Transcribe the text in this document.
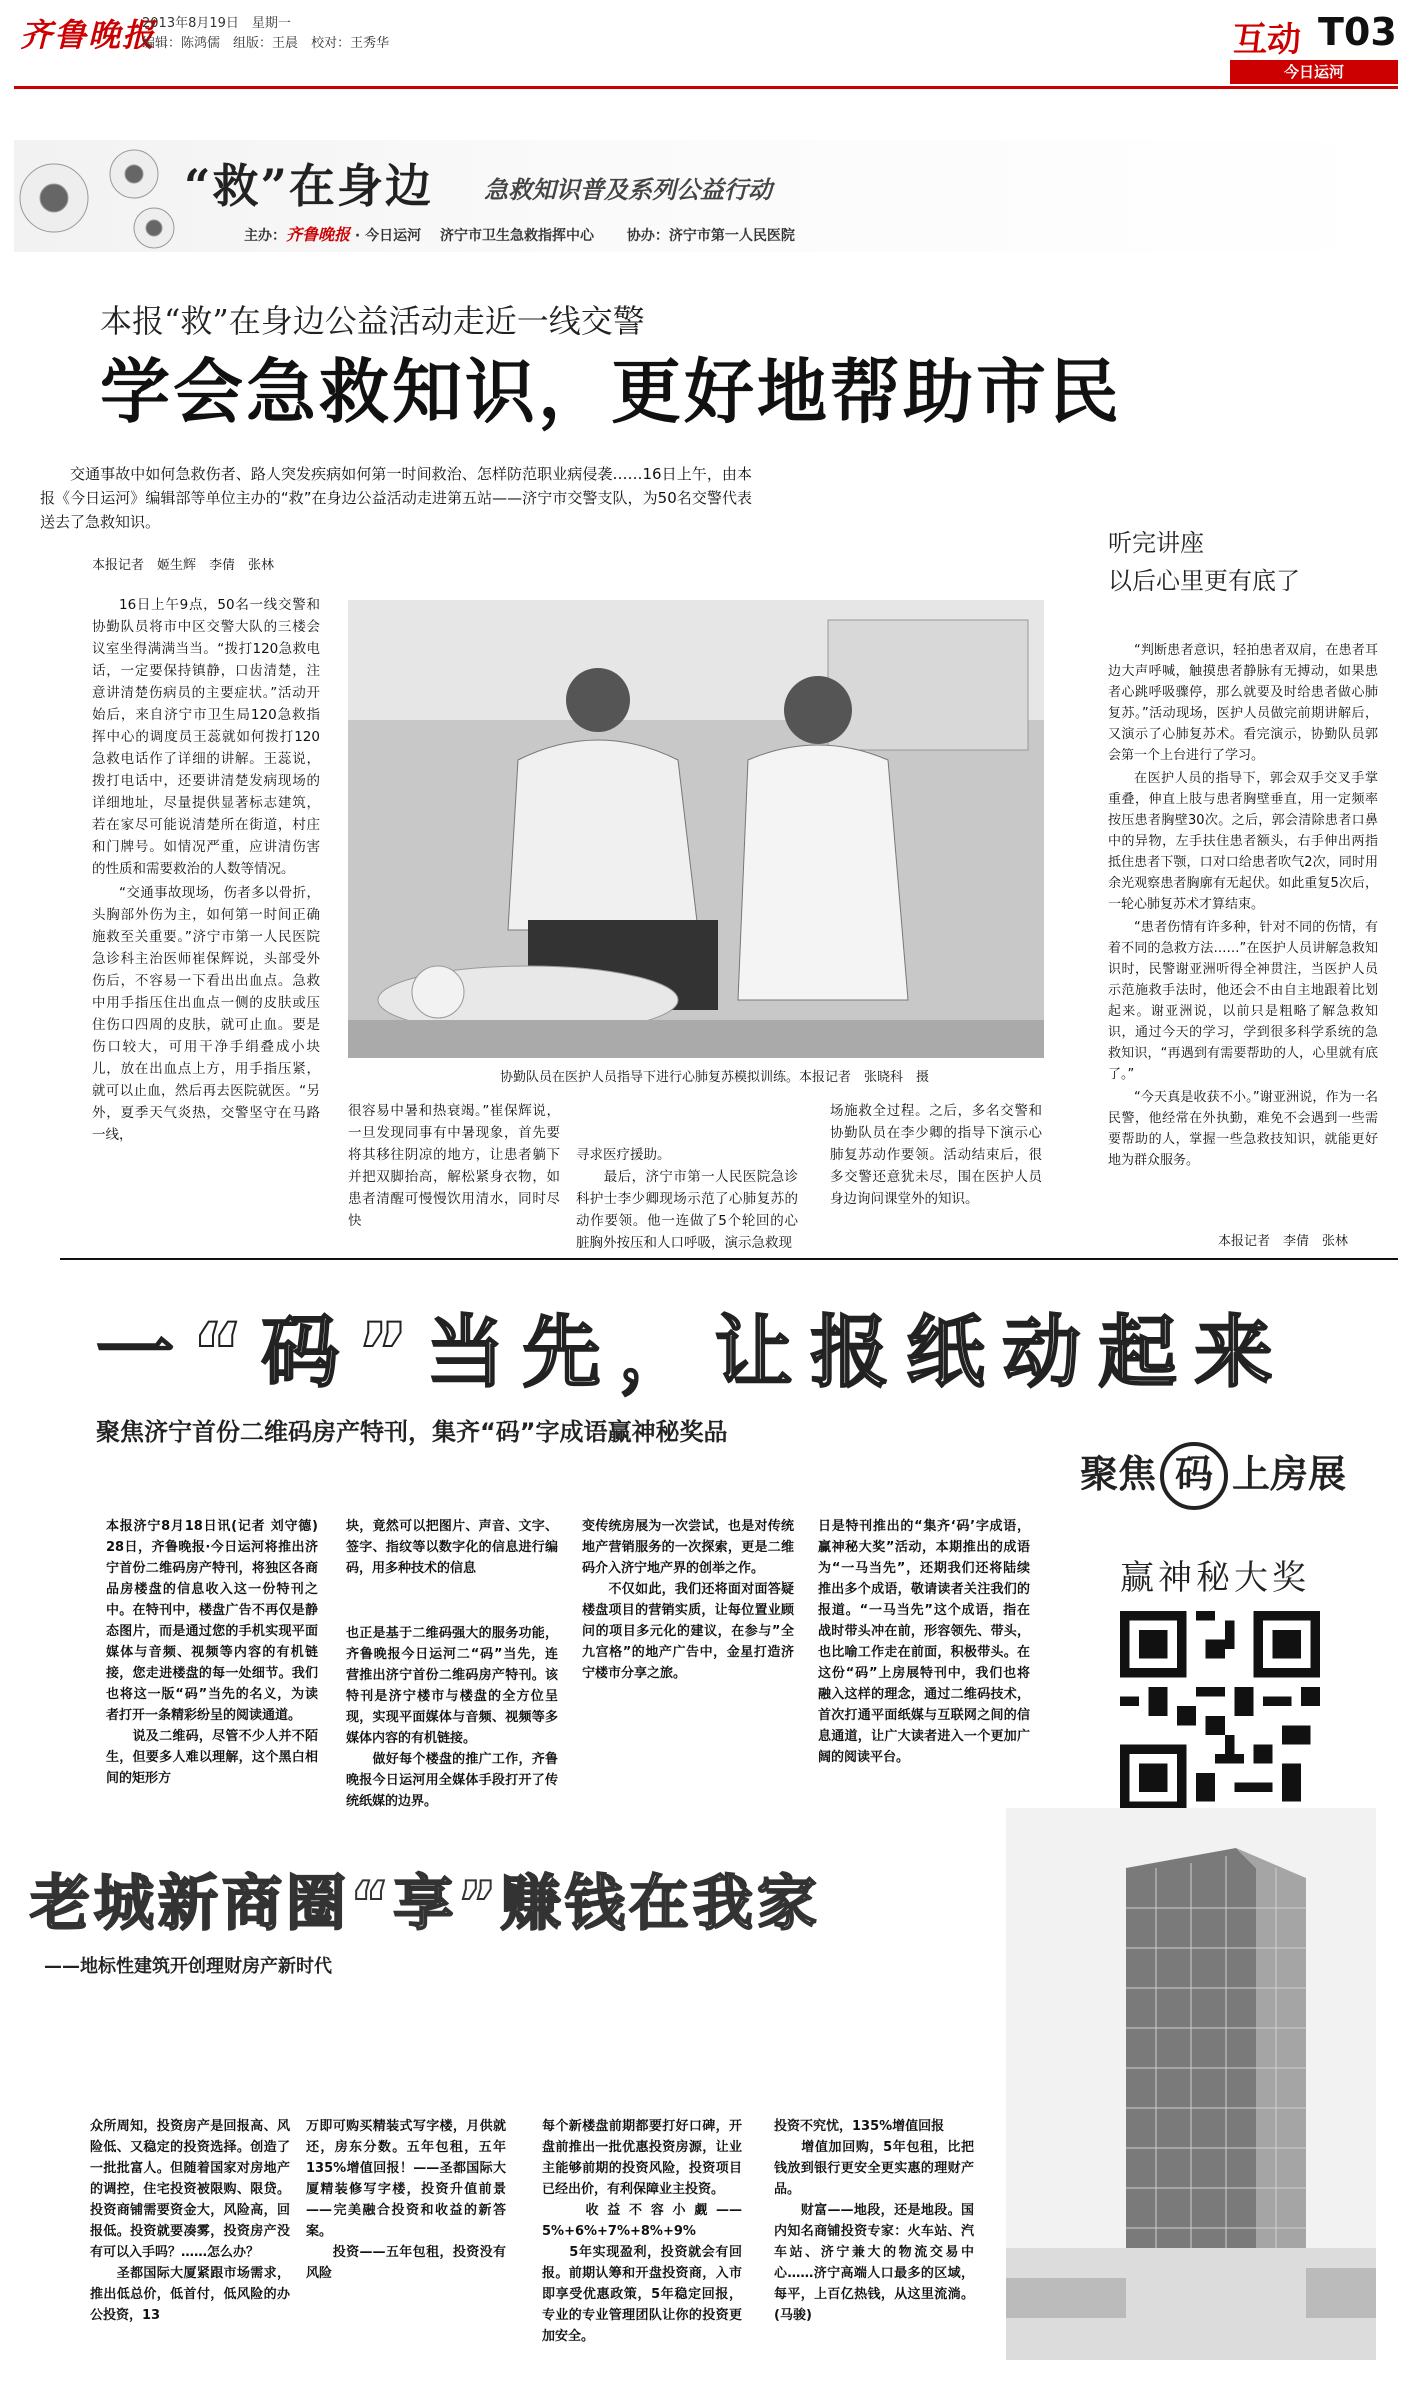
齐鲁晚报
2013年8月19日　 星期一
编辑：陈鸿儒　 组版：王晨　 校对：王秀华	互动 T03
今日运河
“救”在身边 急救知识普及系列公益行动
主办：齐鲁晚报 · 今日运河 　 济宁市卫生急救指挥中心 　　 协办：济宁市第一人民医院
本报“救”在身边公益活动走近一线交警
学会急救知识，更好地帮助市民

交通事故中如何急救伤者、路人突发疾病如何第一时间救治、怎样防范职业病侵袭……16日上午，由本报《今日运河》编辑部等单位主办的“救”在身边公益活动走进第五站——济宁市交警支队，为50名交警代表送去了急救知识。

本报记者　姬生辉　李倩　张林

16日上午9点，50名一线交警和协勤队员将市中区交警大队的三楼会议室坐得满满当当。“拨打120急救电话，一定要保持镇静，口齿清楚，注意讲清楚伤病员的主要症状。”活动开始后，来自济宁市卫生局120急救指挥中心的调度员王蕊就如何拨打120急救电话作了详细的讲解。王蕊说，拨打电话中，还要讲清楚发病现场的详细地址，尽量提供显著标志建筑，若在家尽可能说清楚所在街道，村庄和门牌号。如情况严重，应讲清伤害的性质和需要救治的人数等情况。

“交通事故现场，伤者多以骨折，头胸部外伤为主，如何第一时间正确施救至关重要。”济宁市第一人民医院急诊科主治医师崔保辉说，头部受外伤后，不容易一下看出出血点。急救中用手指压住出血点一侧的皮肤或压住伤口四周的皮肤，就可止血。要是伤口较大，可用干净手绢叠成小块儿，放在出血点上方，用手指压紧，就可以止血，然后再去医院就医。“另外，夏季天气炎热，交警坚守在马路一线，

协勤队员在医护人员指导下进行心肺复苏模拟训练。本报记者　张晓科　摄

很容易中暑和热衰竭。”崔保辉说，一旦发现同事有中暑现象，首先要将其移往阴凉的地方，让患者躺下并把双脚抬高，解松紧身衣物，如患者清醒可慢慢饮用清水，同时尽快

寻求医疗援助。
　　最后，济宁市第一人民医院急诊科护士李少卿现场示范了心肺复苏的动作要领。他一连做了5个轮回的心脏胸外按压和人口呼吸，演示急救现

场施救全过程。之后，多名交警和协勤队员在李少卿的指导下演示心肺复苏动作要领。活动结束后，很多交警还意犹未尽，围在医护人员身边询问课堂外的知识。

听完讲座
以后心里更有底了

“判断患者意识，轻拍患者双肩，在患者耳边大声呼喊，触摸患者静脉有无搏动，如果患者心跳呼吸骤停，那么就要及时给患者做心肺复苏。”活动现场，医护人员做完前期讲解后，又演示了心肺复苏术。看完演示，协勤队员郭会第一个上台进行了学习。

在医护人员的指导下，郭会双手交叉手掌重叠，伸直上肢与患者胸壁垂直，用一定频率按压患者胸壁30次。之后，郭会清除患者口鼻中的异物，左手扶住患者额头，右手伸出两指抵住患者下颚，口对口给患者吹气2次，同时用余光观察患者胸廓有无起伏。如此重复5次后，一轮心肺复苏术才算结束。

“患者伤情有许多种，针对不同的伤情，有着不同的急救方法……”在医护人员讲解急救知识时，民警谢亚洲听得全神贯注，当医护人员示范施救手法时，他还会不由自主地跟着比划起来。谢亚洲说，以前只是粗略了解急救知识，通过今天的学习，学到很多科学系统的急救知识，“再遇到有需要帮助的人，心里就有底了。”

“今天真是收获不小。”谢亚洲说，作为一名民警，他经常在外执勤，难免不会遇到一些需要帮助的人，掌握一些急救技知识，就能更好地为群众服务。

本报记者　李倩　张林
一“码”当先，让报纸动起来
聚焦济宁首份二维码房产特刊，集齐“码”字成语赢神秘奖品
聚焦 码 上房展
赢神秘大奖

本报济宁8月18日讯(记者 刘守德) 28日，齐鲁晚报·今日运河将推出济宁首份二维码房产特刊，将独区各商品房楼盘的信息收入这一份特刊之中。在特刊中，楼盘广告不再仅是静态图片，而是通过您的手机实现平面媒体与音频、视频等内容的有机链接，您走进楼盘的每一处细节。我们也将这一版“码”当先的名义，为读者打开一条精彩纷呈的阅读通道。
　　说及二维码，尽管不少人并不陌生，但要多人难以理解，这个黑白相间的矩形方

块，竟然可以把图片、声音、文字、签字、指纹等以数字化的信息进行编码，用多种技术的信息

也正是基于二维码强大的服务功能，齐鲁晚报今日运河二“码”当先，连营推出济宁首份二维码房产特刊。该特刊是济宁楼市与楼盘的全方位呈现，实现平面媒体与音频、视频等多媒体内容的有机链接。
　　做好每个楼盘的推广工作，齐鲁晚报今日运河用全媒体手段打开了传统纸媒的边界。

变传统房展为一次尝试，也是对传统地产营销服务的一次探索，更是二维码介入济宁地产界的创举之作。
　　不仅如此，我们还将面对面答疑楼盘项目的营销实质，让每位置业顾问的项目多元化的建议，在参与”全九宫格”的地产广告中，金星打造济宁楼市分享之旅。

日是特刊推出的“集齐‘码’字成语，赢神秘大奖”活动，本期推出的成语为“一马当先”，还期我们还将陆续推出多个成语，敬请读者关注我们的报道。“一马当先”这个成语，指在战时带头冲在前，形容领先、带头，也比喻工作走在前面，积极带头。在这份“码”上房展特刊中，我们也将融入这样的理念，通过二维码技术，首次打通平面纸媒与互联网之间的信息通道，让广大读者进入一个更加广阔的阅读平台。

老城新商圈“享”赚钱在我家
——地标性建筑开创理财房产新时代

众所周知，投资房产是回报高、风险低、又稳定的投资选择。创造了一批批富人。但随着国家对房地产的调控，住宅投资被限购、限贷。投资商铺需要资金大，风险高，回报低。投资就要凑雾，投资房产没有可以入手吗？……怎么办？
　　圣都国际大厦紧跟市场需求，推出低总价，低首付，低风险的办公投资，13

万即可购买精装式写字楼，月供就还，房东分数。五年包租，五年135%增值回报！——圣都国际大厦精装修写字楼，投资升值前景——完美融合投资和收益的新答案。
　　投资——五年包租，投资没有风险

每个新楼盘前期都要打好口碑，开盘前推出一批优惠投资房源，让业主能够前期的投资风险，投资项目已经出价，有利保障业主投资。
　　收益不容小觑——5%+6%+7%+8%+9%
　　5年实现盈利，投资就会有回报。前期认筹和开盘投资商，入市即享受优惠政策，5年稳定回报，专业的专业管理团队让你的投资更加安全。

投资不究忧，135%增值回报
　　增值加回购，5年包租，比把钱放到银行更安全更实惠的理财产品。
　　财富——地段，还是地段。国内知名商铺投资专家：火车站、汽车站、济宁兼大的物流交易中心……济宁高端人口最多的区域，每平，上百亿热钱，从这里流淌。(马骏)
